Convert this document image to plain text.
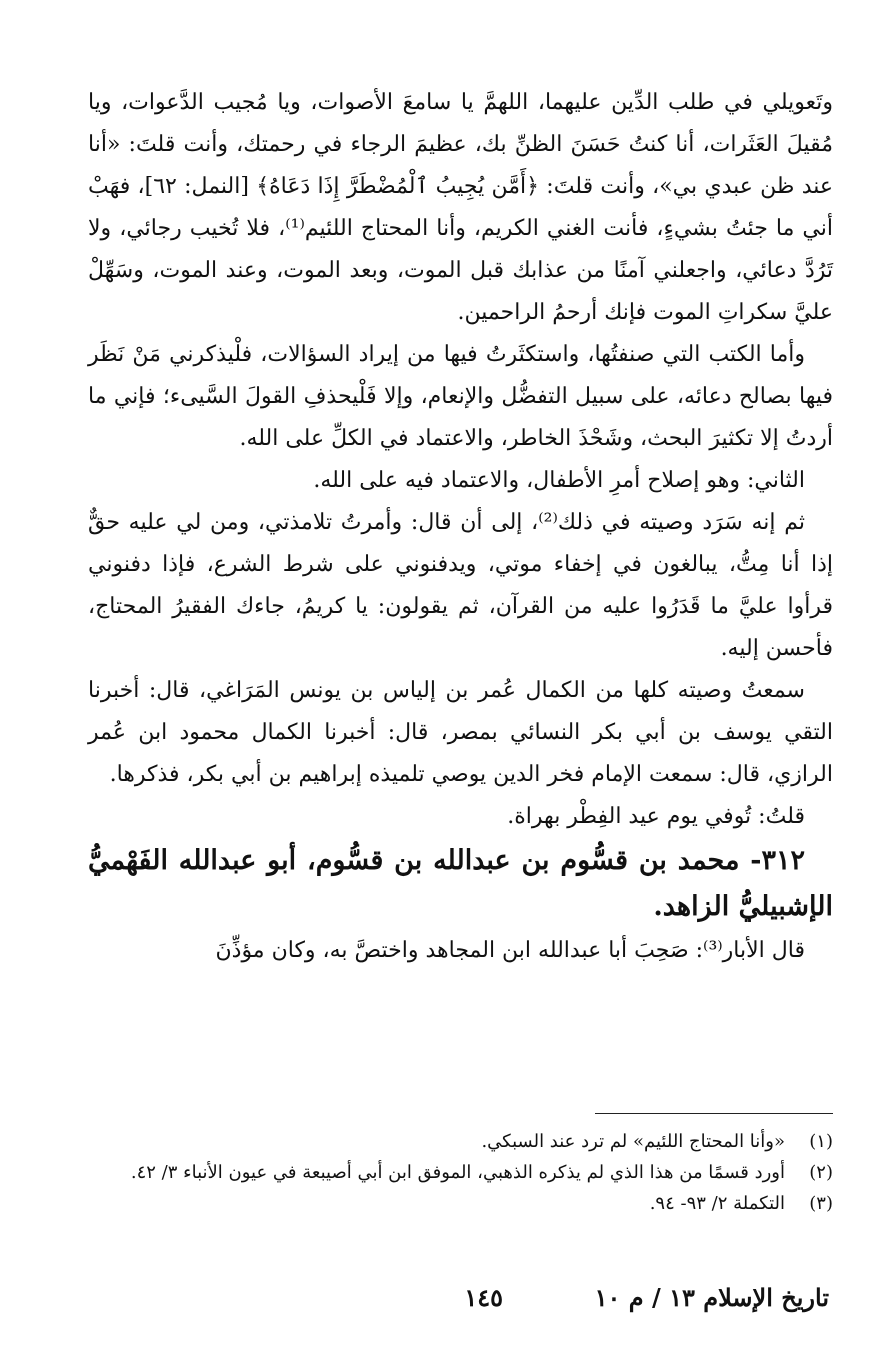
وتَعويلي في طلب الدِّين عليهما، اللهمَّ يا سامعَ الأصوات، ويا مُجيب الدَّعوات، ويا مُقيلَ العَثَرات، أنا كنتُ حَسَنَ الظنِّ بك، عظيمَ الرجاء في رحمتك، وأنت قلتَ: «أنا عند ظن عبدي بي»، وأنت قلتَ: ﴿أَمَّن يُجِيبُ ٱلْمُضْطَرَّ إِذَا دَعَاهُ﴾ [النمل: ٦٢]، فهَبْ أني ما جئتُ بشيءٍ، فأنت الغني الكريم، وأنا المحتاج اللئيم⁽¹⁾، فلا تُخيب رجائي، ولا تَرُدَّ دعائي، واجعلني آمنًا من عذابك قبل الموت، وبعد الموت، وعند الموت، وسَهِّلْ عليَّ سكراتِ الموت فإنك أرحمُ الراحمين.

وأما الكتب التي صنفتُها، واستكثَرتُ فيها من إيراد السؤالات، فلْيذكرني مَنْ نَظَر فيها بصالح دعائه، على سبيل التفضُّل والإنعام، وإلا فَلْيحذفِ القولَ السَّيىء؛ فإني ما أردتُ إلا تكثيرَ البحث، وشَحْذَ الخاطر، والاعتماد في الكلِّ على الله.

الثاني: وهو إصلاح أمرِ الأطفال، والاعتماد فيه على الله.

ثم إنه سَرَد وصيته في ذلك⁽²⁾، إلى أن قال: وأمرتُ تلامذتي، ومن لي عليه حقٌّ إذا أنا مِتُّ، يبالغون في إخفاء موتي، ويدفنوني على شرط الشرع، فإذا دفنوني قرأوا عليَّ ما قَدَرُوا عليه من القرآن، ثم يقولون: يا كريمُ، جاءك الفقيرُ المحتاج، فأحسن إليه.

سمعتُ وصيته كلها من الكمال عُمر بن إلياس بن يونس المَرَاغي، قال: أخبرنا التقي يوسف بن أبي بكر النسائي بمصر، قال: أخبرنا الكمال محمود ابن عُمر الرازي، قال: سمعت الإمام فخر الدين يوصي تلميذه إبراهيم بن أبي بكر، فذكرها.

قلتُ: تُوفي يوم عيد الفِطْر بهراة.

٣١٢- محمد بن قسُّوم بن عبدالله بن قسُّوم، أبو عبدالله الفَهْميُّ الإشبيليُّ الزاهد.

قال الأبار⁽³⁾: صَحِبَ أبا عبدالله ابن المجاهد واختصَّ به، وكان مؤذِّنَ

(١)
«وأنا المحتاج اللئيم» لم ترد عند السبكي.
(٢)
أورد قسمًا من هذا الذي لم يذكره الذهبي، الموفق ابن أبي أصيبعة في عيون الأنباء ٣/ ٤٢.
(٣)
التكملة ٢/ ٩٣- ٩٤.
تاريخ الإسلام ١٣ / م ١٠
١٤٥
